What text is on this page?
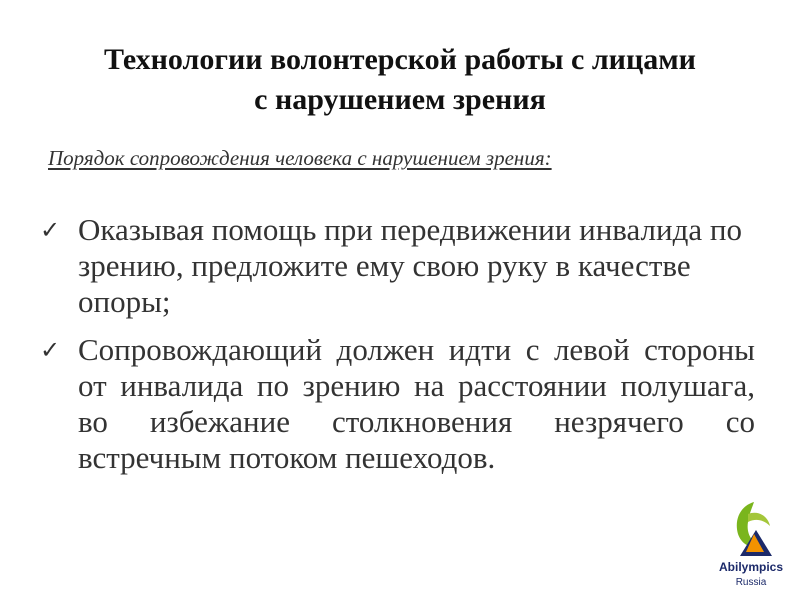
Технологии волонтерской работы с лицами
с нарушением зрения
Порядок сопровождения человека с нарушением зрения:
✓ Оказывая помощь при передвижении инвалида по зрению, предложите ему свою руку в качестве опоры;
✓ Сопровождающий должен идти с левой стороны от инвалида по зрению на расстоянии полушага, во избежание столкновения незрячего со встречным потоком пешеходов.
Abilympics
Russia
